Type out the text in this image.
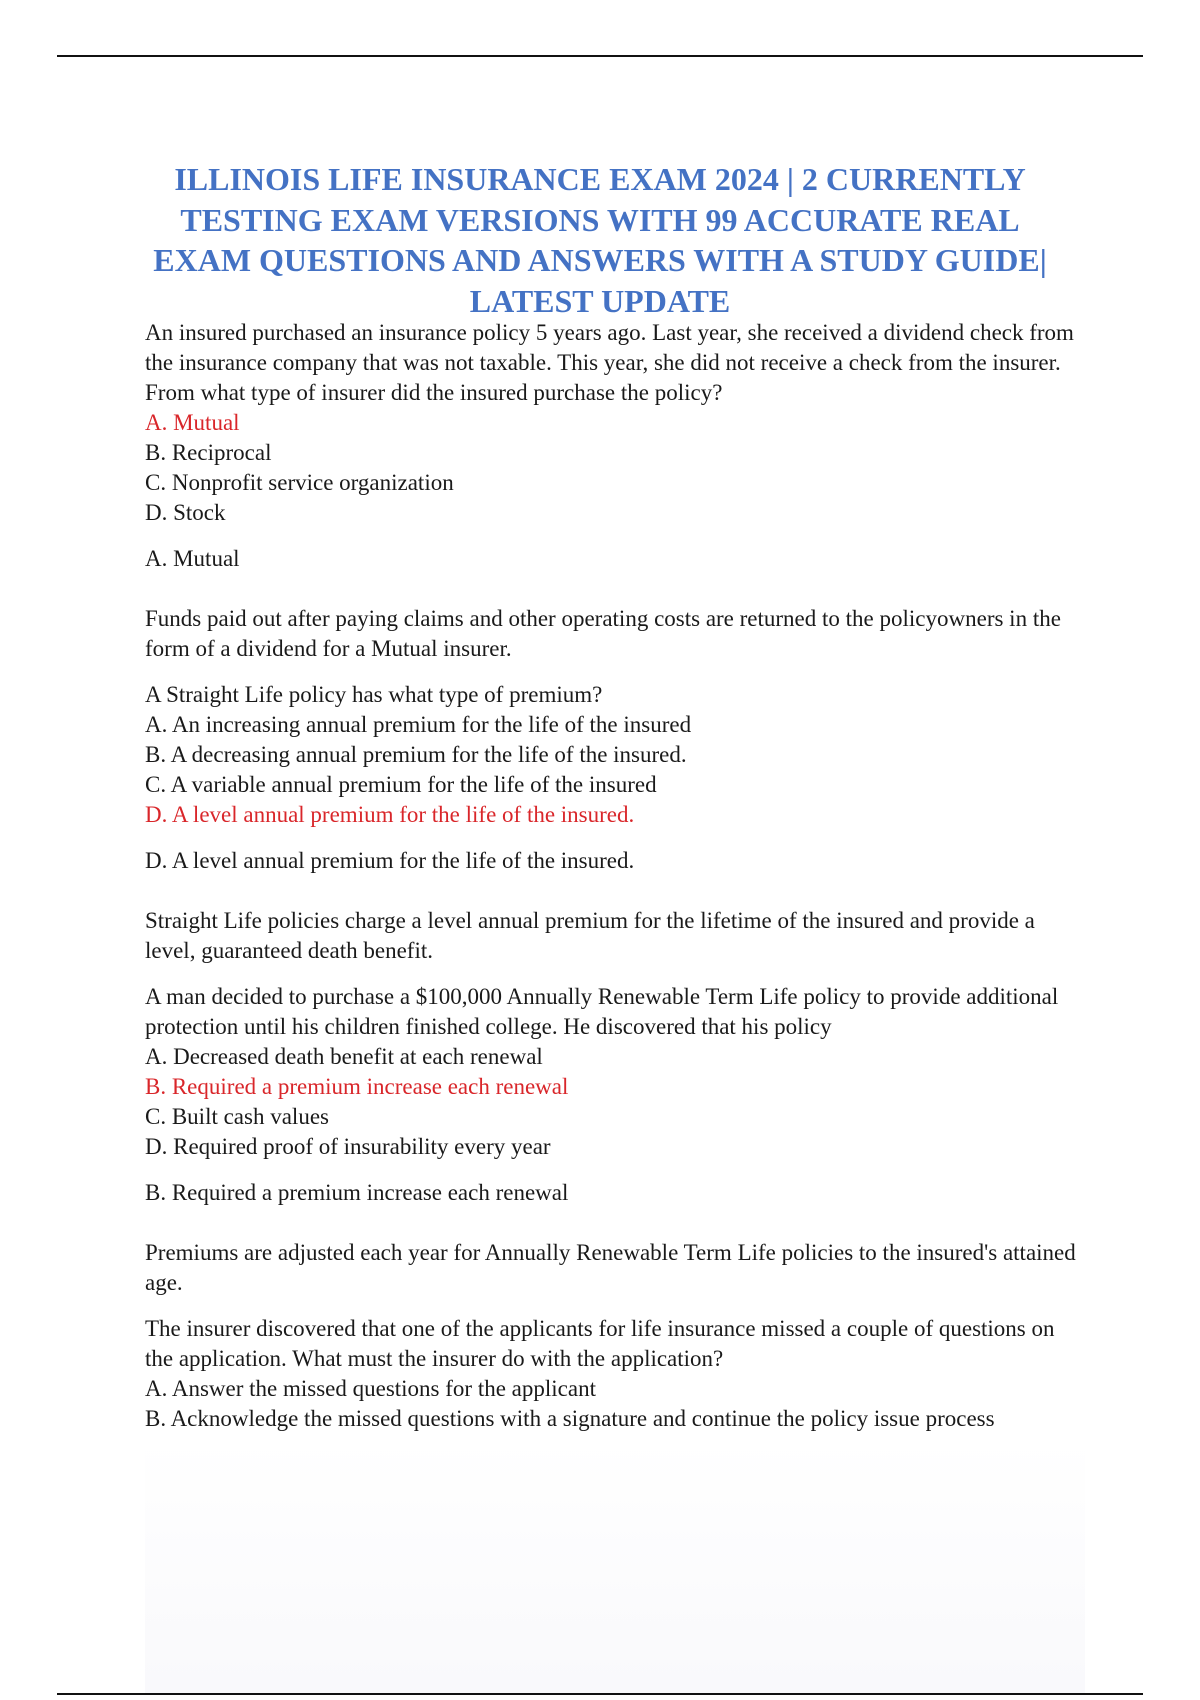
ILLINOIS LIFE INSURANCE EXAM 2024 | 2 CURRENTLY
TESTING EXAM VERSIONS WITH 99 ACCURATE REAL
EXAM QUESTIONS AND ANSWERS WITH A STUDY GUIDE|
LATEST UPDATE

An insured purchased an insurance policy 5 years ago. Last year, she received a dividend check from the insurance company that was not taxable. This year, she did not receive a check from the insurer. From what type of insurer did the insured purchase the policy?

A. Mutual
B. Reciprocal
C. Nonprofit service organization
D. Stock

A. Mutual

Funds paid out after paying claims and other operating costs are returned to the policyowners in the form of a dividend for a Mutual insurer.

A Straight Life policy has what type of premium?

A. An increasing annual premium for the life of the insured
B. A decreasing annual premium for the life of the insured.
C. A variable annual premium for the life of the insured
D. A level annual premium for the life of the insured.

D. A level annual premium for the life of the insured.

Straight Life policies charge a level annual premium for the lifetime of the insured and provide a level, guaranteed death benefit.

A man decided to purchase a $100,000 Annually Renewable Term Life policy to provide additional protection until his children finished college. He discovered that his policy

A. Decreased death benefit at each renewal
B. Required a premium increase each renewal
C. Built cash values
D. Required proof of insurability every year

B. Required a premium increase each renewal

Premiums are adjusted each year for Annually Renewable Term Life policies to the insured's attained age.

The insurer discovered that one of the applicants for life insurance missed a couple of questions on the application. What must the insurer do with the application?

A. Answer the missed questions for the applicant
B. Acknowledge the missed questions with a signature and continue the policy issue process
